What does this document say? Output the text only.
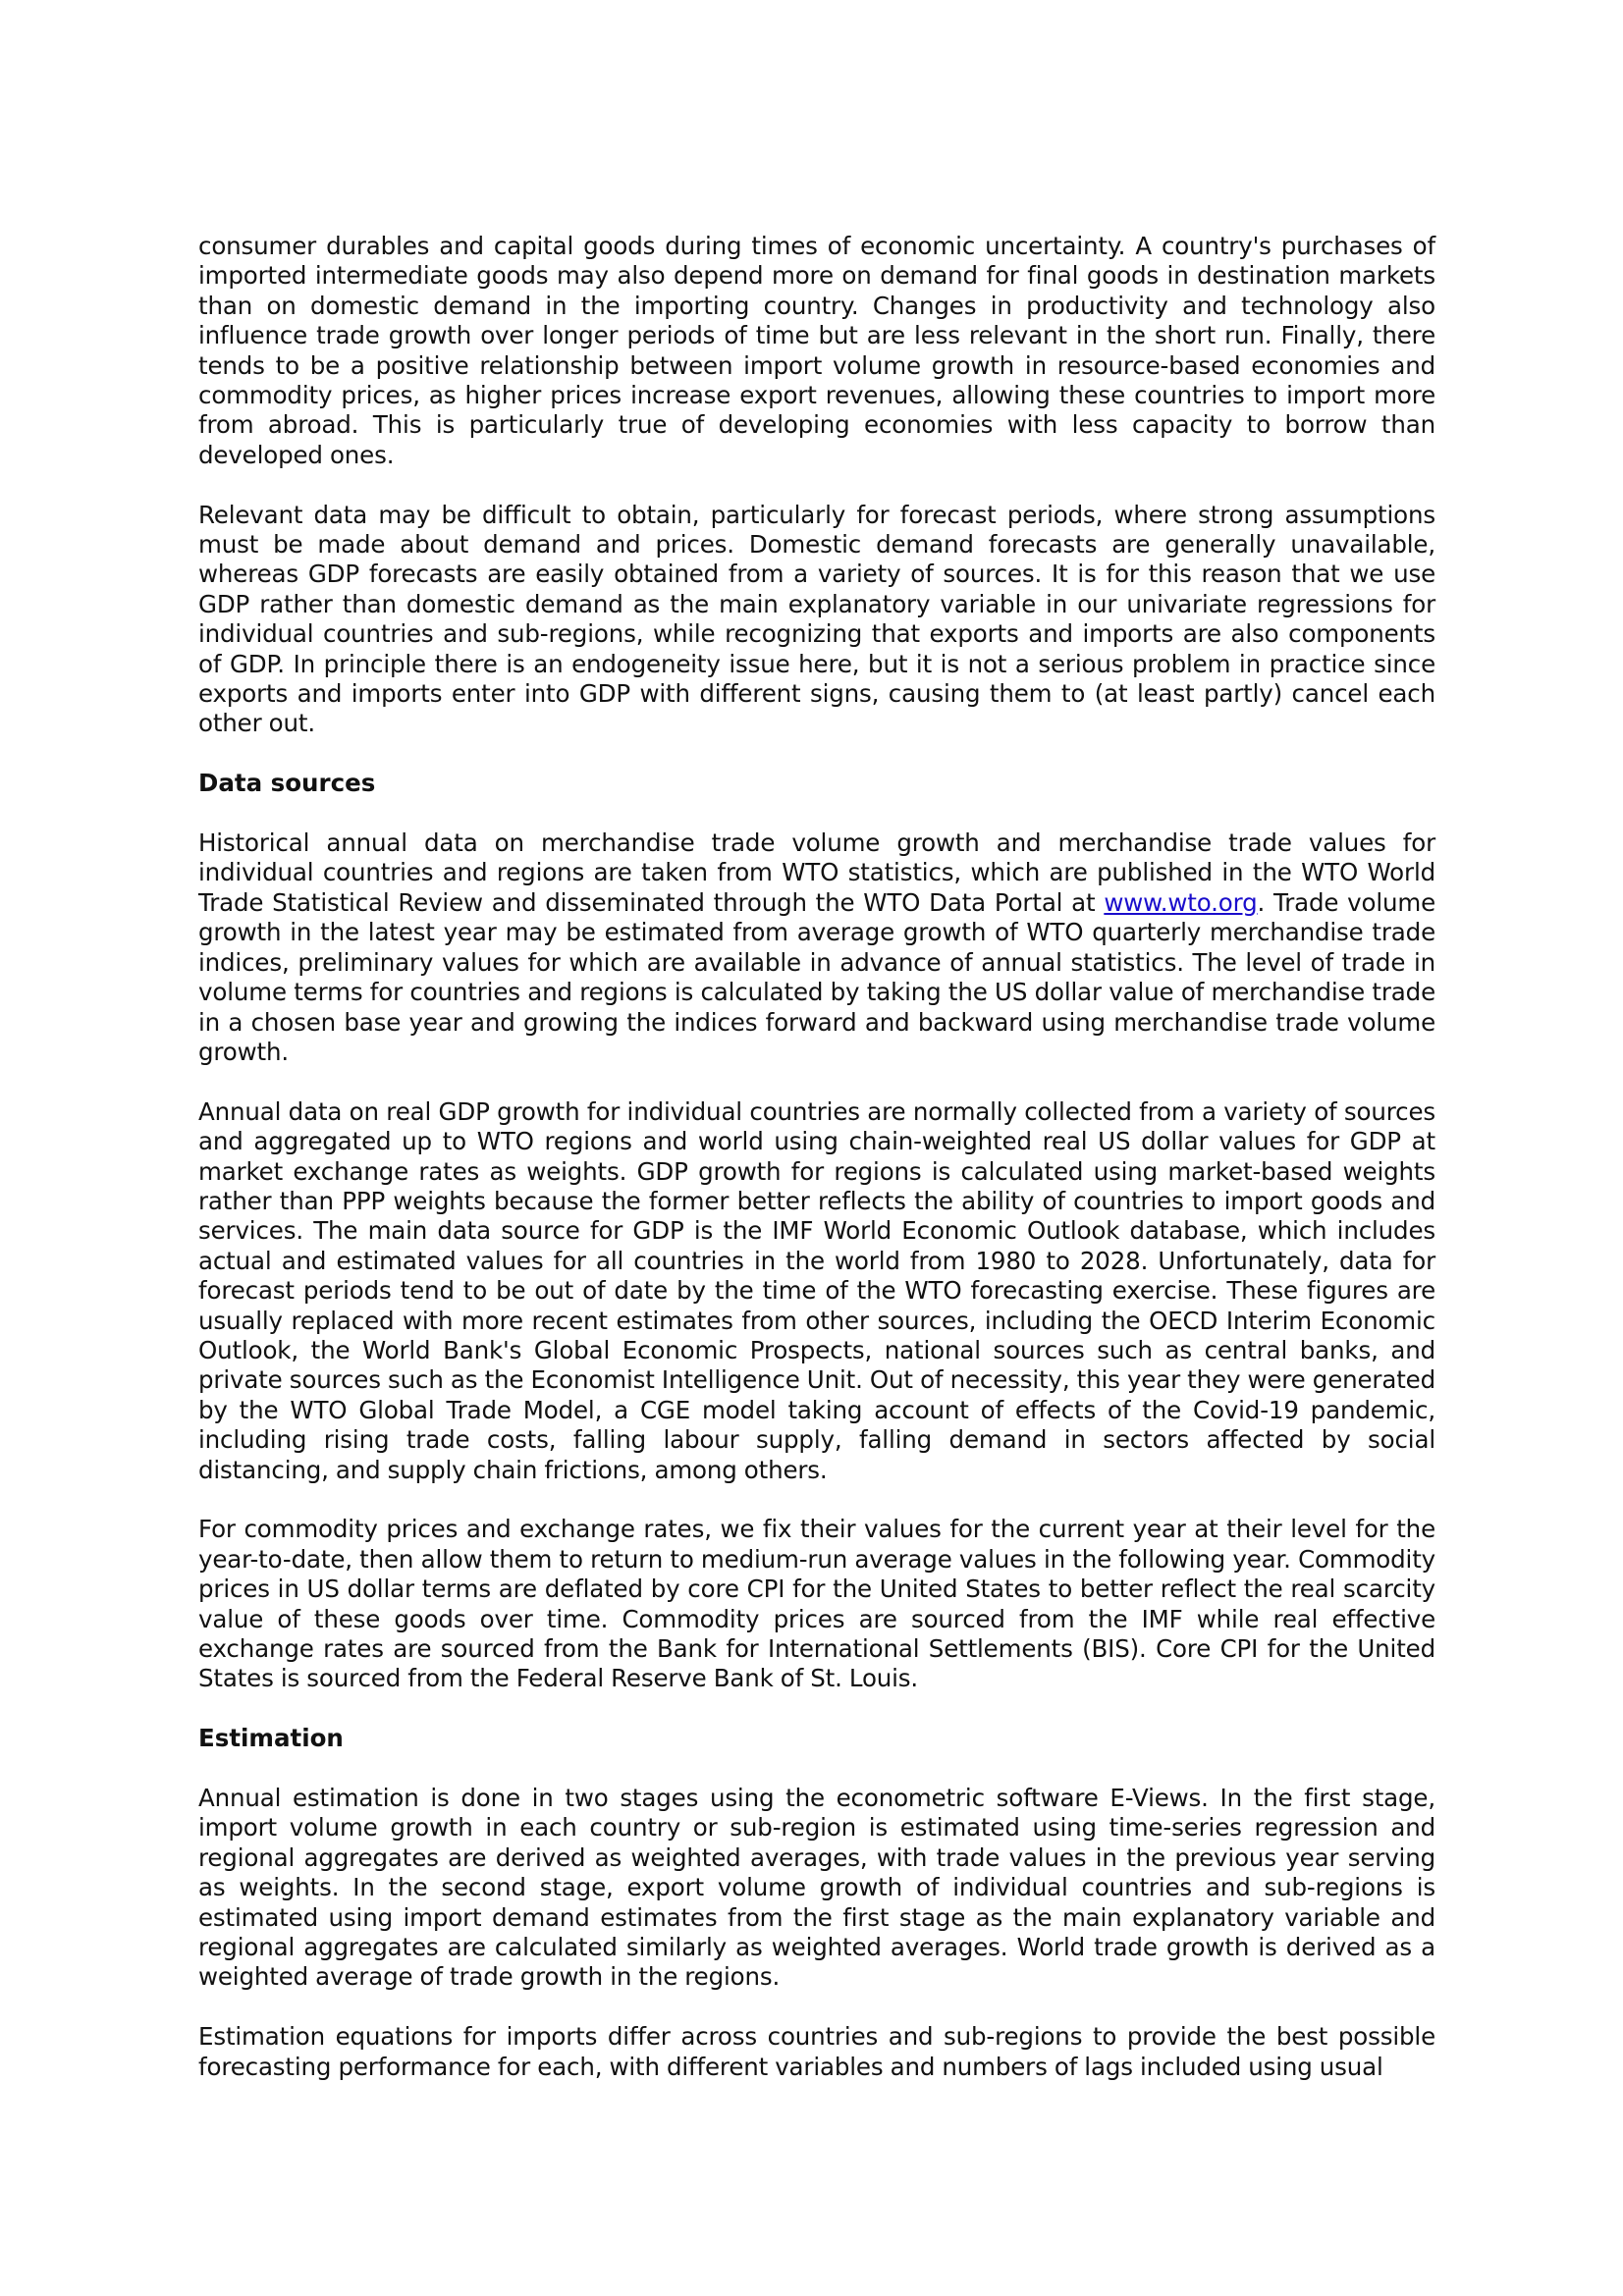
consumer durables and capital goods during times of economic uncertainty. A country's purchases of imported intermediate goods may also depend more on demand for final goods in destination markets than on domestic demand in the importing country. Changes in productivity and technology also influence trade growth over longer periods of time but are less relevant in the short run. Finally, there tends to be a positive relationship between import volume growth in resource-based economies and commodity prices, as higher prices increase export revenues, allowing these countries to import more from abroad. This is particularly true of developing economies with less capacity to borrow than developed ones.

Relevant data may be difficult to obtain, particularly for forecast periods, where strong assumptions must be made about demand and prices. Domestic demand forecasts are generally unavailable, whereas GDP forecasts are easily obtained from a variety of sources. It is for this reason that we use GDP rather than domestic demand as the main explanatory variable in our univariate regressions for individual countries and sub-regions, while recognizing that exports and imports are also components of GDP. In principle there is an endogeneity issue here, but it is not a serious problem in practice since exports and imports enter into GDP with different signs, causing them to (at least partly) cancel each other out.

Data sources

Historical annual data on merchandise trade volume growth and merchandise trade values for individual countries and regions are taken from WTO statistics, which are published in the WTO World Trade Statistical Review and disseminated through the WTO Data Portal at www.wto.org. Trade volume growth in the latest year may be estimated from average growth of WTO quarterly merchandise trade indices, preliminary values for which are available in advance of annual statistics. The level of trade in volume terms for countries and regions is calculated by taking the US dollar value of merchandise trade in a chosen base year and growing the indices forward and backward using merchandise trade volume growth.

Annual data on real GDP growth for individual countries are normally collected from a variety of sources and aggregated up to WTO regions and world using chain-weighted real US dollar values for GDP at market exchange rates as weights. GDP growth for regions is calculated using market-based weights rather than PPP weights because the former better reflects the ability of countries to import goods and services. The main data source for GDP is the IMF World Economic Outlook database, which includes actual and estimated values for all countries in the world from 1980 to 2028. Unfortunately, data for forecast periods tend to be out of date by the time of the WTO forecasting exercise. These figures are usually replaced with more recent estimates from other sources, including the OECD Interim Economic Outlook, the World Bank's Global Economic Prospects, national sources such as central banks, and private sources such as the Economist Intelligence Unit. Out of necessity, this year they were generated by the WTO Global Trade Model, a CGE model taking account of effects of the Covid-19 pandemic, including rising trade costs, falling labour supply, falling demand in sectors affected by social distancing, and supply chain frictions, among others.

For commodity prices and exchange rates, we fix their values for the current year at their level for the year-to-date, then allow them to return to medium-run average values in the following year. Commodity prices in US dollar terms are deflated by core CPI for the United States to better reflect the real scarcity value of these goods over time. Commodity prices are sourced from the IMF while real effective exchange rates are sourced from the Bank for International Settlements (BIS). Core CPI for the United States is sourced from the Federal Reserve Bank of St. Louis.

Estimation

Annual estimation is done in two stages using the econometric software E-Views. In the first stage, import volume growth in each country or sub-region is estimated using time-series regression and regional aggregates are derived as weighted averages, with trade values in the previous year serving as weights. In the second stage, export volume growth of individual countries and sub-regions is estimated using import demand estimates from the first stage as the main explanatory variable and regional aggregates are calculated similarly as weighted averages. World trade growth is derived as a weighted average of trade growth in the regions.

Estimation equations for imports differ across countries and sub-regions to provide the best possible forecasting performance for each, with different variables and numbers of lags included using usual
